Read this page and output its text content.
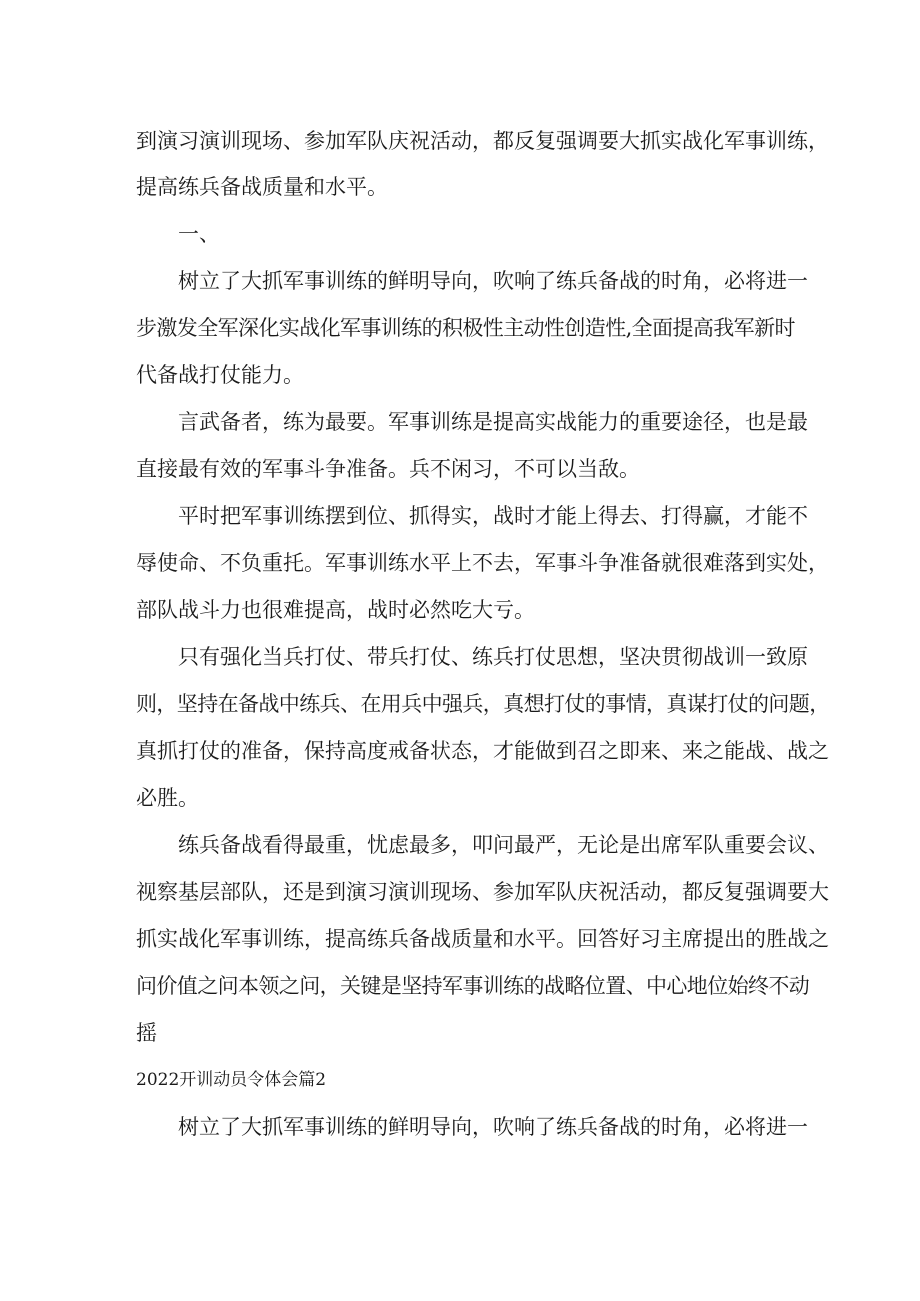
到演习演训现场、参加军队庆祝活动，都反复强调要大抓实战化军事训练，
提高练兵备战质量和水平。
一、
树立了大抓军事训练的鲜明导向，吹响了练兵备战的时角，必将进一
步激发全军深化实战化军事训练的积极性主动性创造性,全面提高我军新时
代备战打仗能力。
言武备者，练为最要。军事训练是提高实战能力的重要途径，也是最
直接最有效的军事斗争准备。兵不闲习，不可以当敌。
平时把军事训练摆到位、抓得实，战时才能上得去、打得赢，才能不
辱使命、不负重托。军事训练水平上不去，军事斗争准备就很难落到实处，
部队战斗力也很难提高，战时必然吃大亏。
只有强化当兵打仗、带兵打仗、练兵打仗思想，坚决贯彻战训一致原
则，坚持在备战中练兵、在用兵中强兵，真想打仗的事情，真谋打仗的问题，
真抓打仗的准备，保持高度戒备状态，才能做到召之即来、来之能战、战之
必胜。
练兵备战看得最重，忧虑最多，叩问最严，无论是出席军队重要会议、
视察基层部队，还是到演习演训现场、参加军队庆祝活动，都反复强调要大
抓实战化军事训练，提高练兵备战质量和水平。回答好习主席提出的胜战之
问价值之问本领之问，关键是坚持军事训练的战略位置、中心地位始终不动
摇
2022开训动员令体会篇2
树立了大抓军事训练的鲜明导向，吹响了练兵备战的时角，必将进一
